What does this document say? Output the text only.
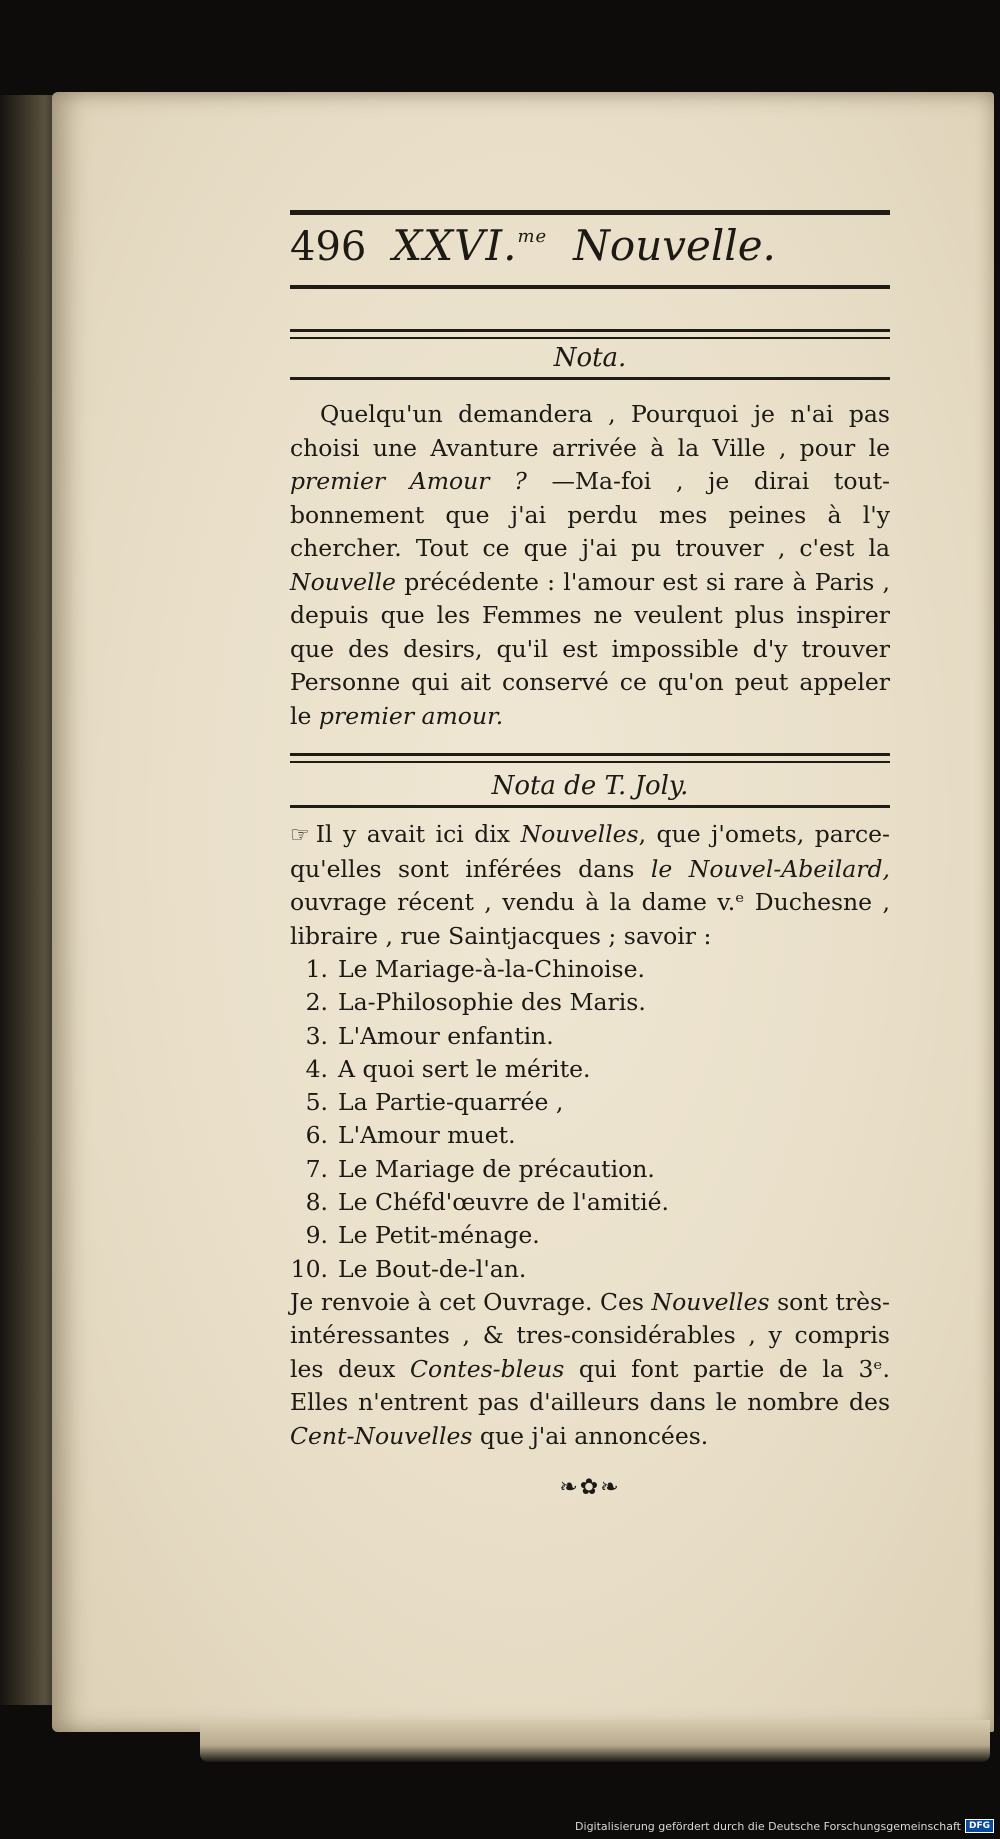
496 XXVI.$^{me}$ Nouvelle.
Nota.

Quelqu'un demandera , Pourquoi je n'ai pas choisi une Avanture arrivée à la Ville , pour le premier Amour ? —Ma-foi , je dirai tout-bonnement que j'ai perdu mes peines à l'y chercher. Tout ce que j'ai pu trouver , c'est la Nouvelle précédente : l'amour est si rare à Paris , depuis que les Femmes ne veulent plus inspirer que des desirs, qu'il est impossible d'y trouver Personne qui ait conservé ce qu'on peut appeler le premier amour.

Nota de T. Joly.

☞ Il y avait ici dix Nouvelles, que j'omets, parce-qu'elles sont inférées dans le Nouvel-Abeilard, ouvrage récent , vendu à la dame v.ᵉ Duchesne , libraire , rue Saintjacques ; savoir :

1. Le Mariage-à-la-Chinoise.
2. La-Philosophie des Maris.
3. L'Amour enfantin.
4. A quoi sert le mérite.
5. La Partie-quarrée ,
6. L'Amour muet.
7. Le Mariage de précaution.
8. Le Chéfd'œuvre de l'amitié.
9. Le Petit-ménage.
10. Le Bout-de-l'an.

Je renvoie à cet Ouvrage. Ces Nouvelles sont très-intéressantes , & tres-considérables , y compris les deux Contes-bleus qui font partie de la 3ᵉ. Elles n'entrent pas d'ailleurs dans le nombre des Cent-Nouvelles que j'ai annoncées.

❧✿❧
Digitalisierung gefördert durch die Deutsche Forschungsgemeinschaft DFG
